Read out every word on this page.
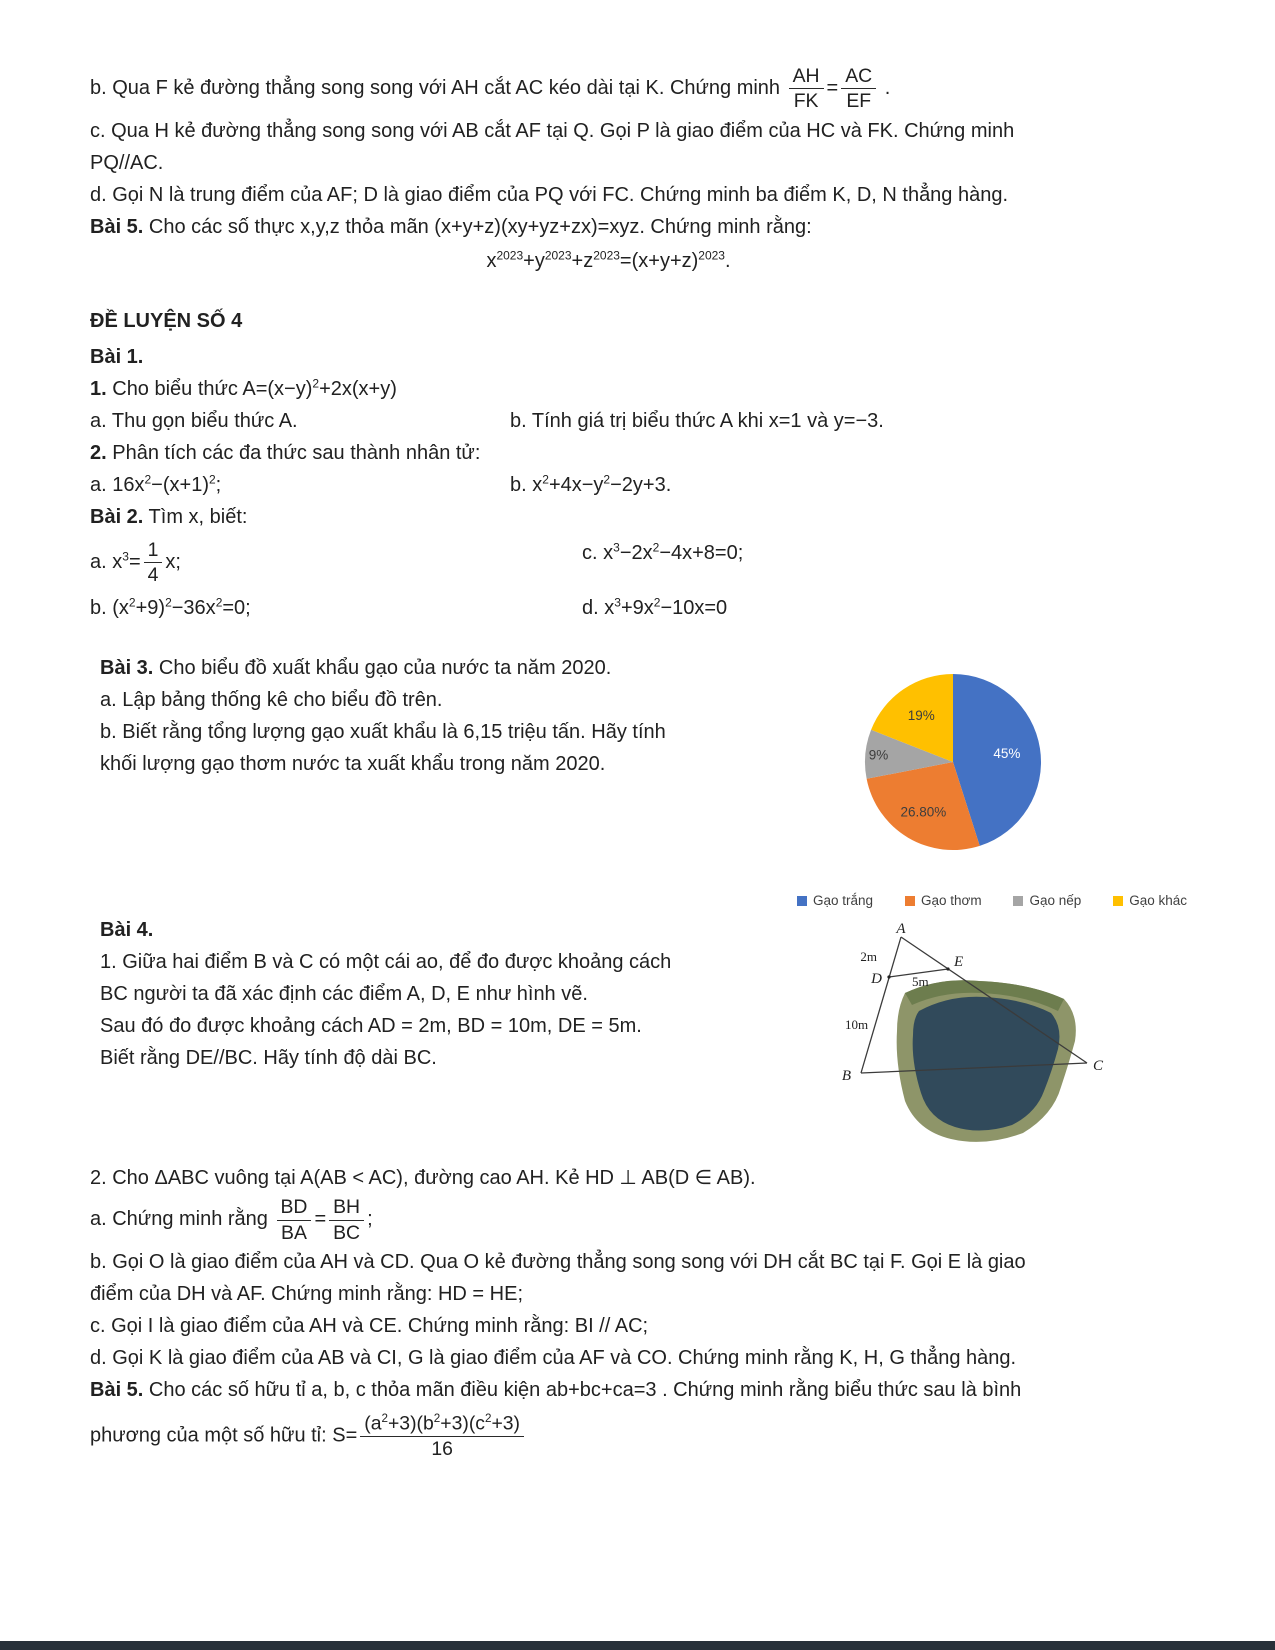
b. Qua F kẻ đường thẳng song song với AH cắt AC kéo dài tại K. Chứng minh $\frac{AH}{FK} = \frac{AC}{EF}$ .

c. Qua H kẻ đường thẳng song song với AB cắt AF tại Q. Gọi P là giao điểm của HC và FK. Chứng minh

PQ//AC.

d. Gọi N là trung điểm của AF; D là giao điểm của PQ với FC. Chứng minh ba điểm K, D, N thẳng hàng.

Bài 5. Cho các số thực x,y,z thỏa mãn (x+y+z)(xy+yz+zx)=xyz. Chứng minh rằng:

$x^{2023}+y^{2023}+z^{2023}=(x+y+z)^{2023}$.

ĐỀ LUYỆN SỐ 4

Bài 1.

1. Cho biểu thức $A=(x-y)^2+2x(x+y)$

a. Thu gọn biểu thức A.	b. Tính giá trị biểu thức A khi x=1 và y=−3.

2. Phân tích các đa thức sau thành nhân tử:

a. $16x^2-(x+1)^2$;	b. $x^2+4x-y^2-2y+3$.

Bài 2. Tìm x, biết:

a. $x^3= \frac{1}{4} x$;	c. $x^3-2x^2-4x+8=0$;
b. $(x^2+9)^2-36x^2=0$;	d. $x^3+9x^2-10x=0$

Bài 3. Cho biểu đồ xuất khẩu gạo của nước ta năm 2020.

a. Lập bảng thống kê cho biểu đồ trên.

b. Biết rằng tổng lượng gạo xuất khẩu là 6,15 triệu tấn. Hãy tính

khối lượng gạo thơm nước ta xuất khẩu trong năm 2020.	45%
26.80%
9%
19%
Gạo trắng	Gạo thơm	Gạo nếp	Gạo khác

Bài 4.

1. Giữa hai điểm B và C có một cái ao, để đo được khoảng cách

BC người ta đã xác định các điểm A, D, E như hình vẽ.

Sau đó đo được khoảng cách AD = 2m, BD = 10m, DE = 5m.

Biết rằng DE//BC. Hãy tính độ dài BC.

A
D
E
B
C
2m
5m
10m

2. Cho ΔABC vuông tại A(AB < AC), đường cao AH. Kẻ HD ⊥ AB(D ∈ AB).

a. Chứng minh rằng $\frac{BD}{BA} = \frac{BH}{BC}$ ;

b. Gọi O là giao điểm của AH và CD. Qua O kẻ đường thẳng song song với DH cắt BC tại F. Gọi E là giao

điểm của DH và AF. Chứng minh rằng: HD = HE;

c. Gọi I là giao điểm của AH và CE. Chứng minh rằng: BI // AC;

d. Gọi K là giao điểm của AB và CI, G là giao điểm của AF và CO. Chứng minh rằng K, H, G thẳng hàng.

Bài 5. Cho các số hữu tỉ a, b, c thỏa mãn điều kiện ab+bc+ca=3 . Chứng minh rằng biểu thức sau là bình

phương của một số hữu tỉ: $S= \frac{(a^2+3)(b^2+3)(c^2+3)}{16}$
